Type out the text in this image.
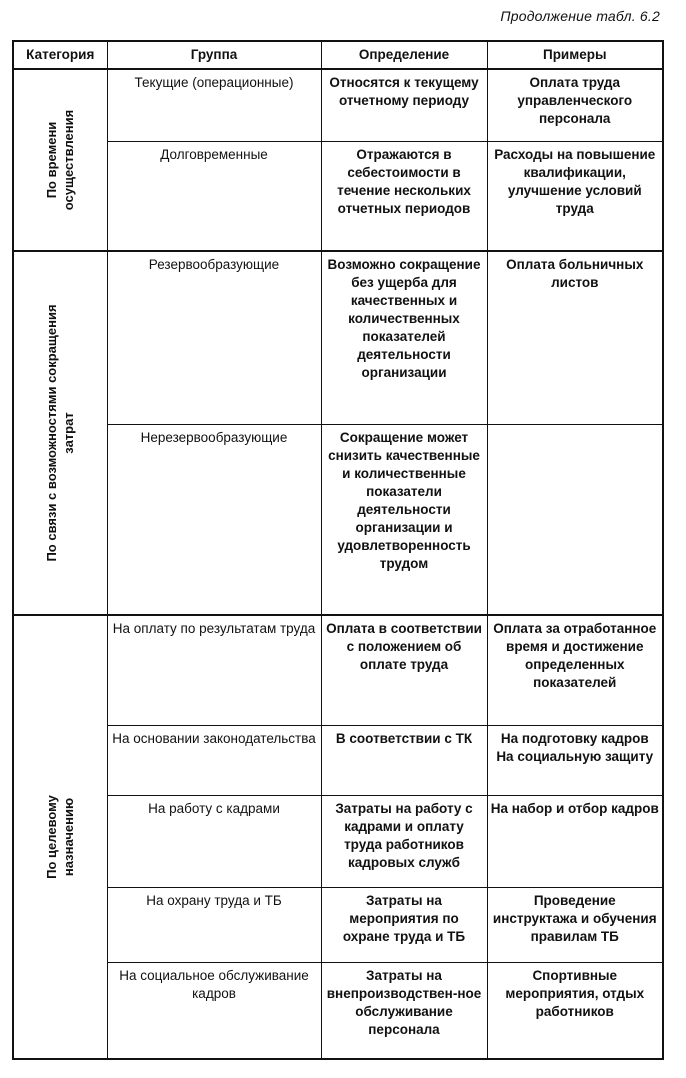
Продолжение табл. 6.2
Категория	Группа	Определение	Примеры

По времени осуществления	Текущие (операционные)	Относятся к текущему отчетному периоду	Оплата труда управленческого персонала
	Долговременные	Отражаются в себестоимости в течение нескольких отчетных периодов	Расходы на повышение квалификации, улучшение условий труда

По связи с возможностями сокращения затрат	Резервообразующие	Возможно сокращение без ущерба для качественных и количественных показателей деятельности организации	Оплата больничных листов
	Нерезервообразующие	Сокращение может снизить качественные и количественные показатели деятельности организации и удовлетворенность трудом	

По целевому назначению	На оплату по результатам труда	Оплата в соответствии с положением об оплате труда	Оплата за отработанное время и достижение определенных показателей
	На основании законодательства	В соответствии с ТК	На подготовку кадров На социальную защиту
	На работу с кадрами	Затраты на работу с кадрами и оплату труда работников кадровых служб	На набор и отбор кадров
	На охрану труда и ТБ	Затраты на мероприятия по охране труда и ТБ	Проведение инструктажа и обучения правилам ТБ
	На социальное обслуживание кадров	Затраты на внепроизводствен-ное обслуживание персонала	Спортивные мероприятия, отдых работников
